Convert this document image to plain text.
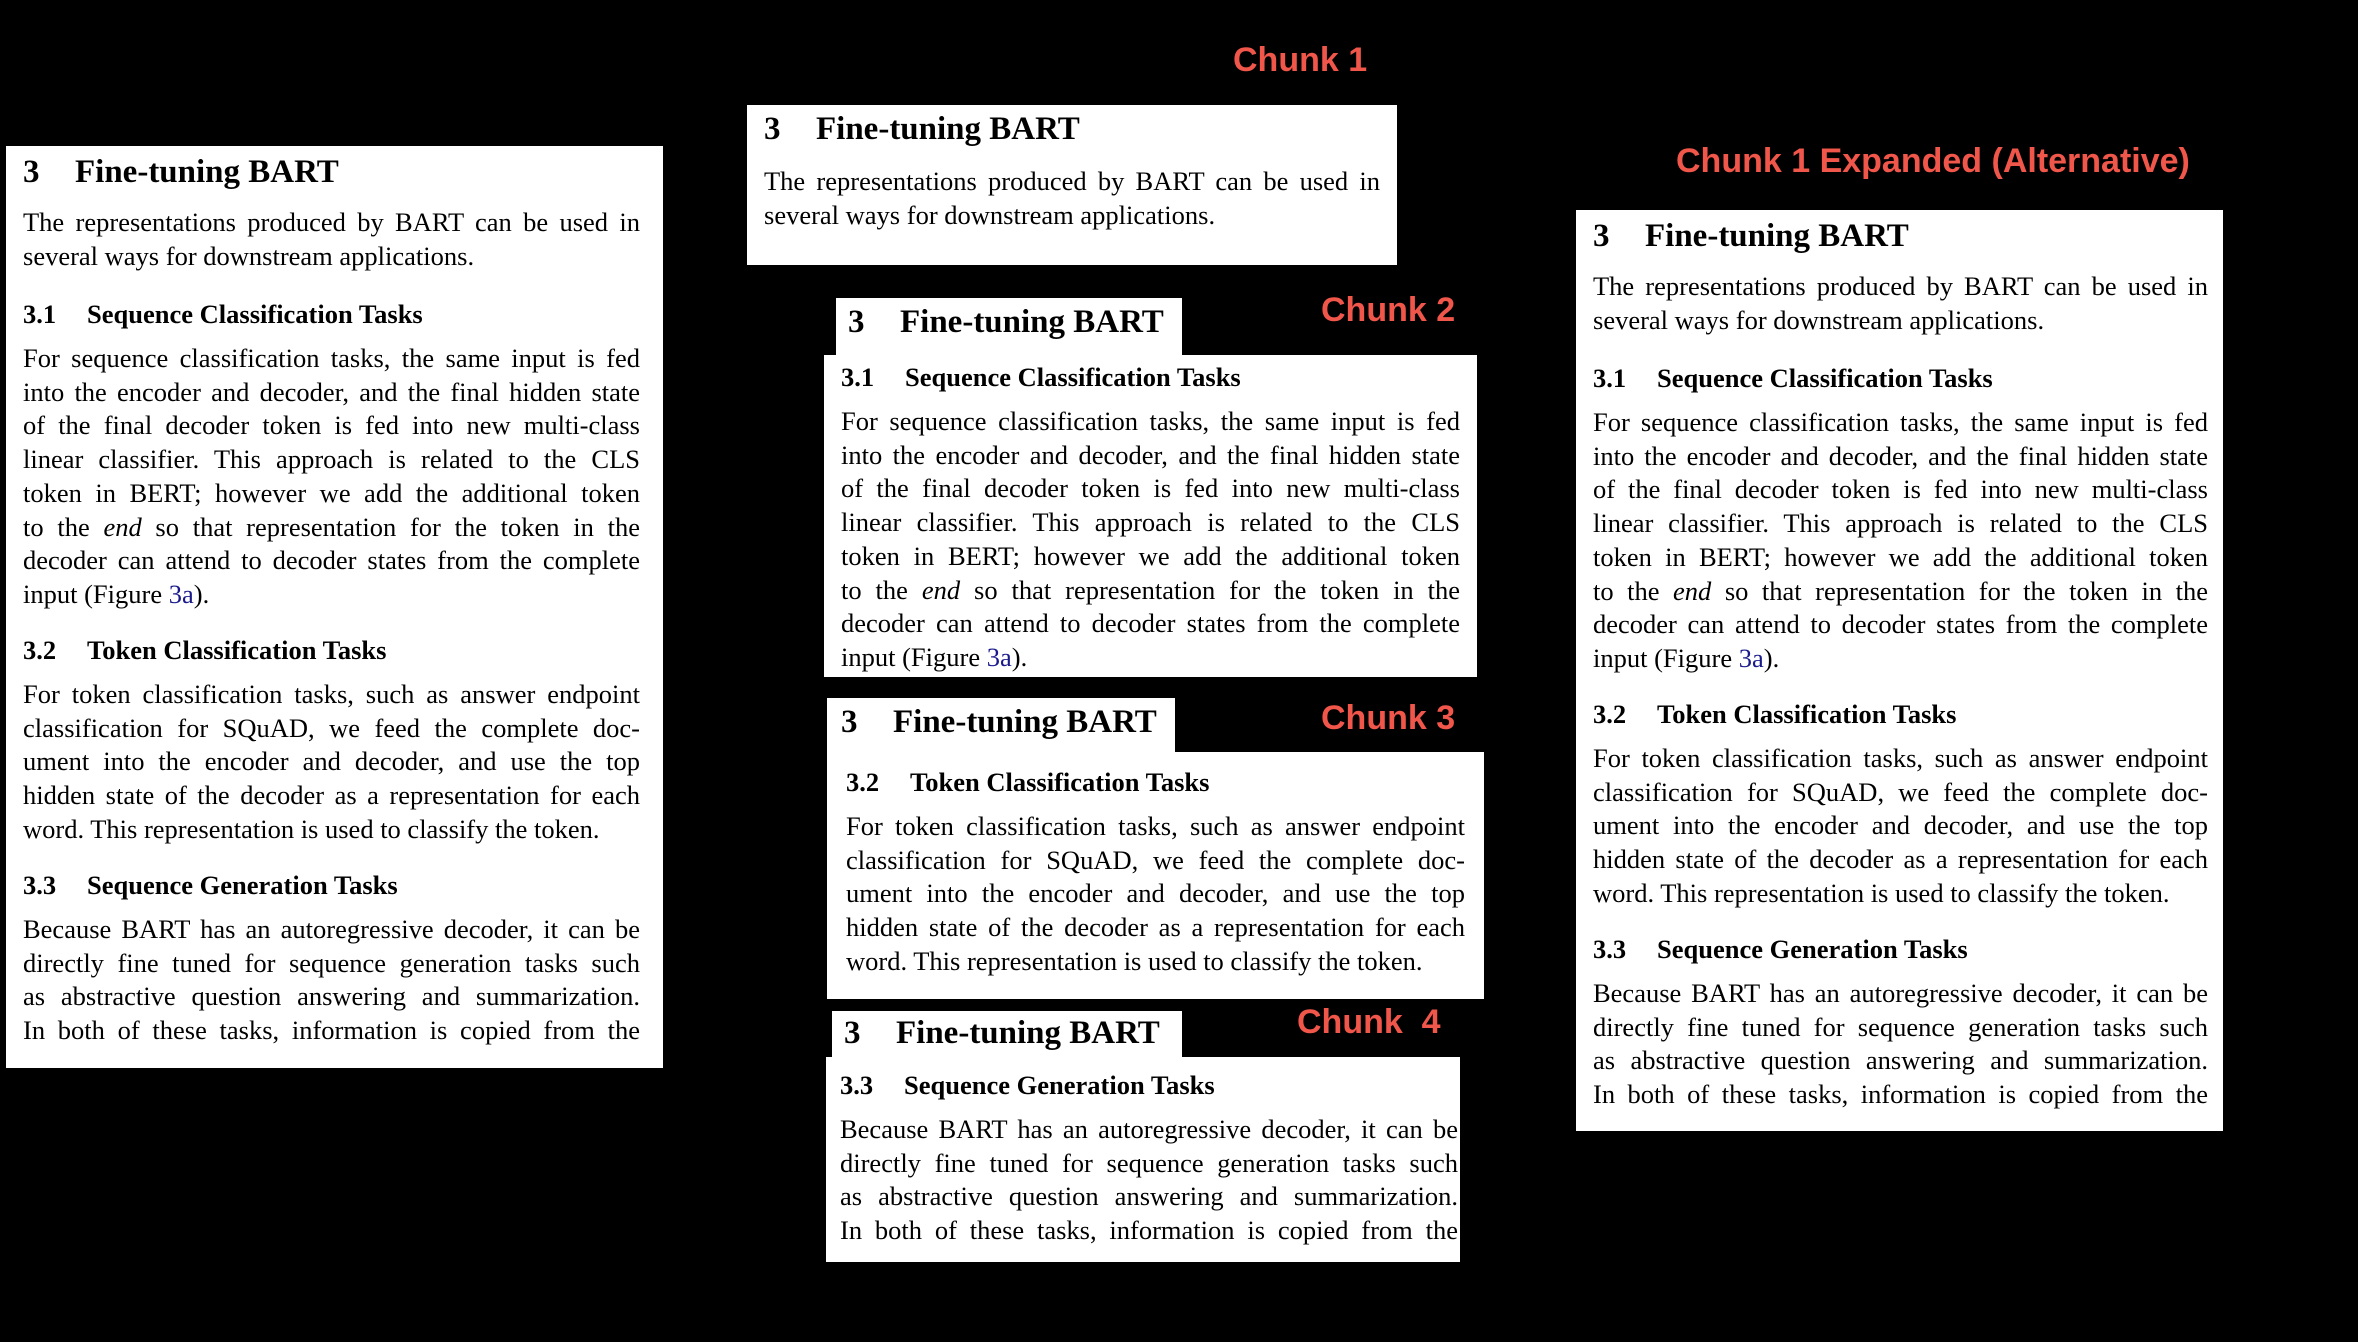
3 Fine-tuning BART
The representations produced by BART can be used in
several ways for downstream applications.
3.1 Sequence Classification Tasks
For sequence classification tasks, the same input is fed
into the encoder and decoder, and the final hidden state
of the final decoder token is fed into new multi-class
linear classifier. This approach is related to the CLS
token in BERT; however we add the additional token
to the end so that representation for the token in the
decoder can attend to decoder states from the complete
input (Figure 3a).
3.2 Token Classification Tasks
For token classification tasks, such as answer endpoint
classification for SQuAD, we feed the complete doc-
ument into the encoder and decoder, and use the top
hidden state of the decoder as a representation for each
word. This representation is used to classify the token.
3.3 Sequence Generation Tasks
Because BART has an autoregressive decoder, it can be
directly fine tuned for sequence generation tasks such
as abstractive question answering and summarization.
In both of these tasks, information is copied from the
Chunk 1
3 Fine-tuning BART
The representations produced by BART can be used in
several ways for downstream applications.
Chunk 2
3 Fine-tuning BART
3.1 Sequence Classification Tasks
For sequence classification tasks, the same input is fed
into the encoder and decoder, and the final hidden state
of the final decoder token is fed into new multi-class
linear classifier. This approach is related to the CLS
token in BERT; however we add the additional token
to the end so that representation for the token in the
decoder can attend to decoder states from the complete
input (Figure 3a).
Chunk 3
3 Fine-tuning BART
3.2 Token Classification Tasks
For token classification tasks, such as answer endpoint
classification for SQuAD, we feed the complete doc-
ument into the encoder and decoder, and use the top
hidden state of the decoder as a representation for each
word. This representation is used to classify the token.
Chunk  4
3 Fine-tuning BART
3.3 Sequence Generation Tasks
Because BART has an autoregressive decoder, it can be
directly fine tuned for sequence generation tasks such
as abstractive question answering and summarization.
In both of these tasks, information is copied from the
Chunk 1 Expanded (Alternative)
3 Fine-tuning BART
The representations produced by BART can be used in
several ways for downstream applications.
3.1 Sequence Classification Tasks
For sequence classification tasks, the same input is fed
into the encoder and decoder, and the final hidden state
of the final decoder token is fed into new multi-class
linear classifier. This approach is related to the CLS
token in BERT; however we add the additional token
to the end so that representation for the token in the
decoder can attend to decoder states from the complete
input (Figure 3a).
3.2 Token Classification Tasks
For token classification tasks, such as answer endpoint
classification for SQuAD, we feed the complete doc-
ument into the encoder and decoder, and use the top
hidden state of the decoder as a representation for each
word. This representation is used to classify the token.
3.3 Sequence Generation Tasks
Because BART has an autoregressive decoder, it can be
directly fine tuned for sequence generation tasks such
as abstractive question answering and summarization.
In both of these tasks, information is copied from the
